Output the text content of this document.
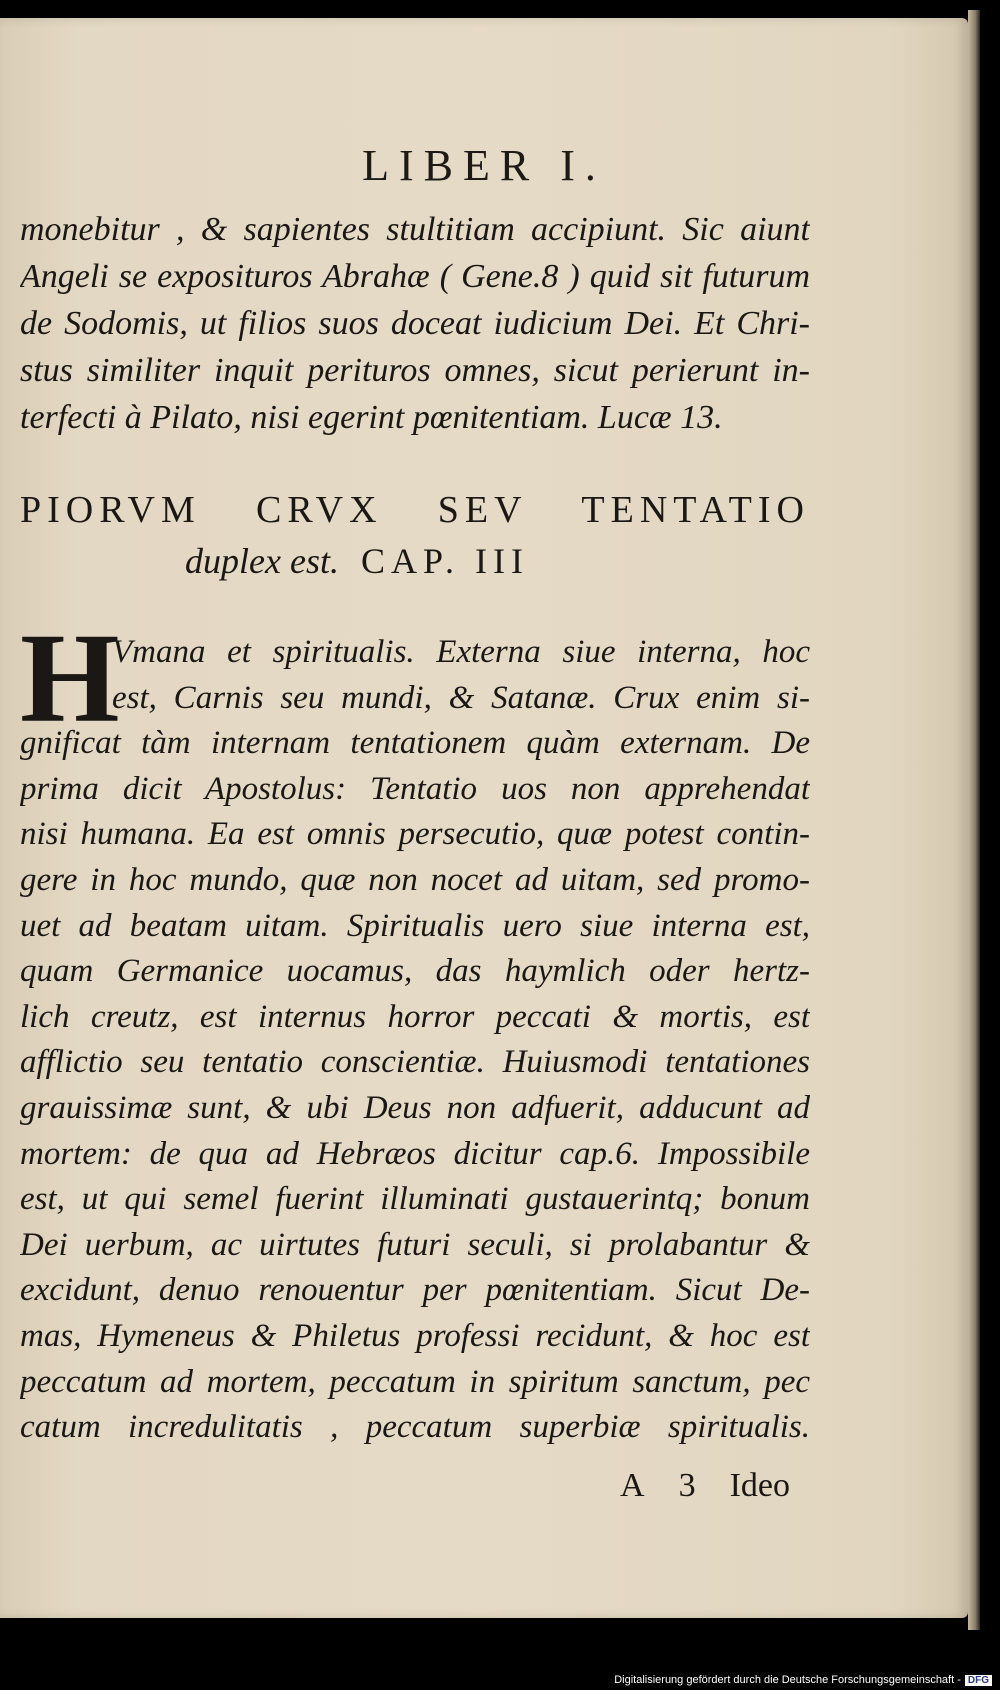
LIBER I.
monebitur , & sapientes stultitiam accipiunt. Sic aiunt
Angeli se exposituros Abrahæ ( Gene.8 ) quid sit futurum
de Sodomis, ut filios suos doceat iudicium Dei. Et Chri-
stus similiter inquit perituros omnes, sicut perierunt in-
terfecti à Pilato, nisi egerint pœnitentiam. Lucæ 13.
PIORVM CRVX SEV TENTATIO
duplex est. CAP. III
H
Vmana et spiritualis. Externa siue interna, hoc
est, Carnis seu mundi, & Satanæ. Crux enim si-
gnificat tàm internam tentationem quàm externam. De
prima dicit Apostolus: Tentatio uos non apprehendat
nisi humana. Ea est omnis persecutio, quæ potest contin-
gere in hoc mundo, quæ non nocet ad uitam, sed promo-
uet ad beatam uitam. Spiritualis uero siue interna est,
quam Germanice uocamus, das haymlich oder hertz-
lich creutz, est internus horror peccati & mortis, est
afflictio seu tentatio conscientiæ. Huiusmodi tentationes
grauissimæ sunt, & ubi Deus non adfuerit, adducunt ad
mortem: de qua ad Hebræos dicitur cap.6. Impossibile
est, ut qui semel fuerint illuminati gustauerintq; bonum
Dei uerbum, ac uirtutes futuri seculi, si prolabantur &
excidunt, denuo renouentur per pœnitentiam. Sicut De-
mas, Hymeneus & Philetus professi recidunt, & hoc est
peccatum ad mortem, peccatum in spiritum sanctum, pec
catum incredulitatis , peccatum superbiæ spiritualis.
A 3 Ideo
Digitalisierung gefördert durch die Deutsche Forschungsgemeinschaft - DFG
